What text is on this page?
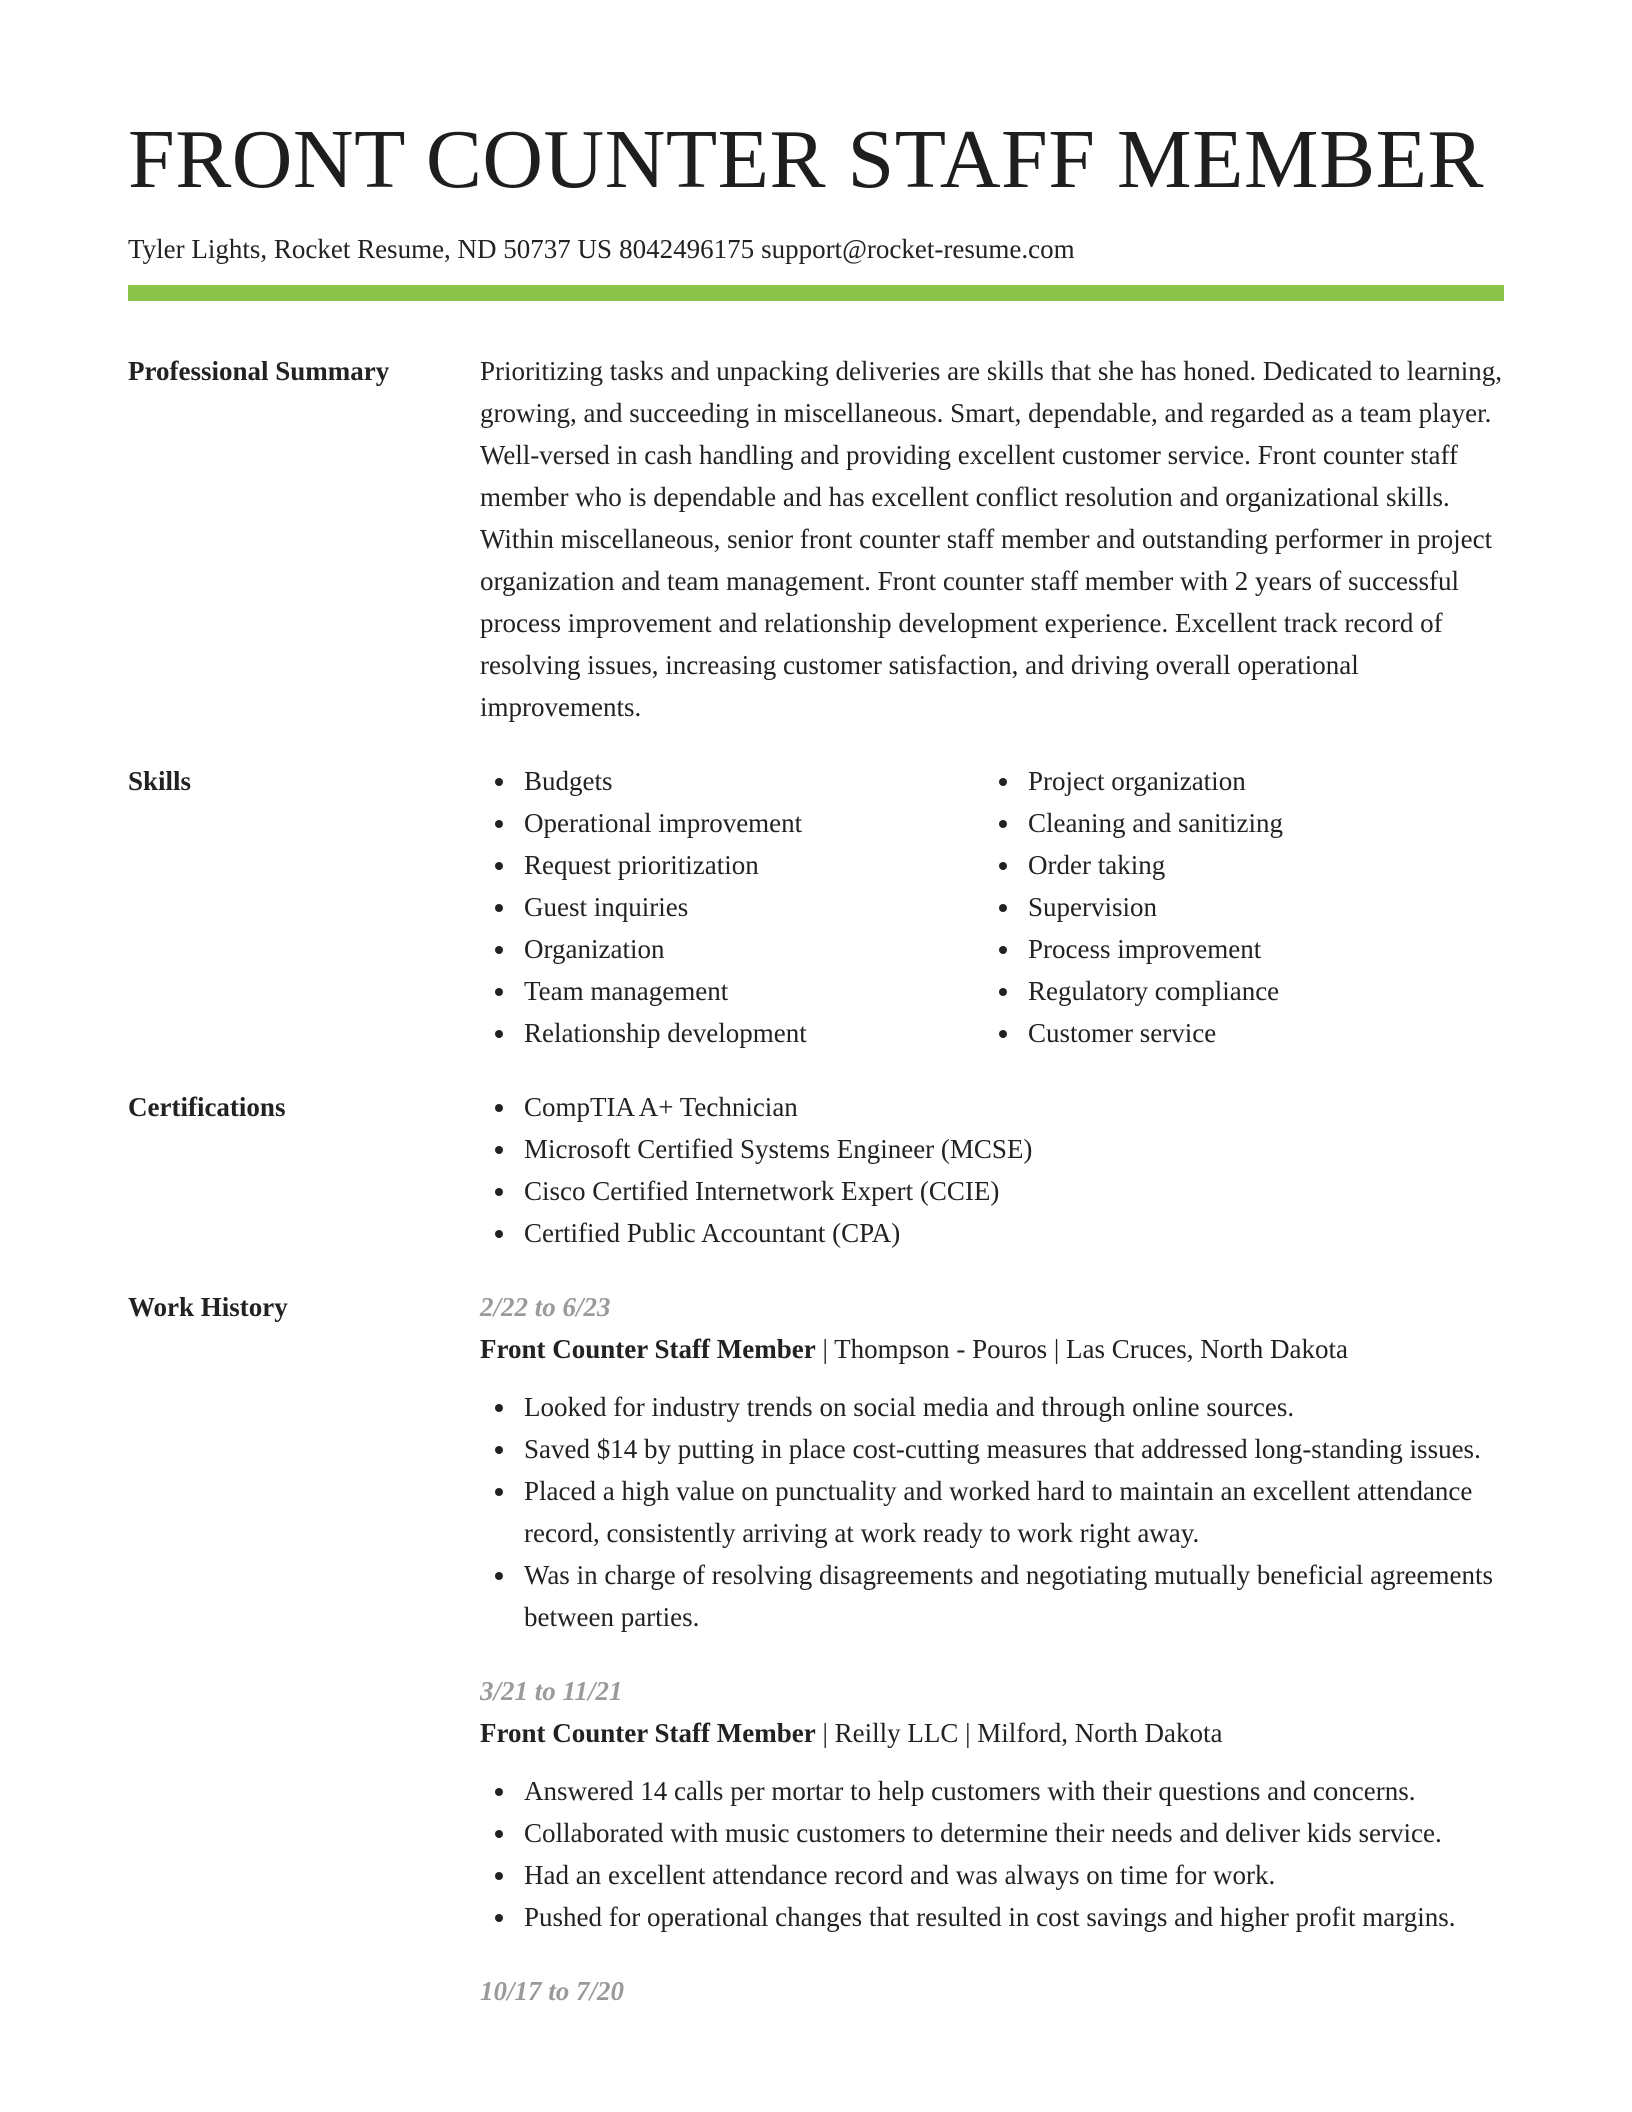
FRONT COUNTER STAFF MEMBER
Tyler Lights, Rocket Resume, ND 50737 US 8042496175 support@rocket-resume.com
Professional Summary	Prioritizing tasks and unpacking deliveries are skills that she has honed. Dedicated to learning, growing, and succeeding in miscellaneous. Smart, dependable, and regarded as a team player. Well-versed in cash handling and providing excellent customer service. Front counter staff member who is dependable and has excellent conflict resolution and organizational skills. Within miscellaneous, senior front counter staff member and outstanding performer in project organization and team management. Front counter staff member with 2 years of successful process improvement and relationship development experience. Excellent track record of resolving issues, increasing customer satisfaction, and driving overall operational improvements.

Skills	Budgets
Operational improvement
Request prioritization
Guest inquiries
Organization
Team management
Relationship development
Project organization
Cleaning and sanitizing
Order taking
Supervision
Process improvement
Regulatory compliance
Customer service
Certifications	CompTIA A+ Technician
Microsoft Certified Systems Engineer (MCSE)
Cisco Certified Internetwork Expert (CCIE)
Certified Public Accountant (CPA)
Work History	2/22 to 6/23
Front Counter Staff Member | Thompson - Pouros | Las Cruces, North Dakota
Looked for industry trends on social media and through online sources.
Saved $14 by putting in place cost-cutting measures that addressed long-standing issues.
Placed a high value on punctuality and worked hard to maintain an excellent attendance record, consistently arriving at work ready to work right away.
Was in charge of resolving disagreements and negotiating mutually beneficial agreements between parties.
3/21 to 11/21
Front Counter Staff Member | Reilly LLC | Milford, North Dakota
Answered 14 calls per mortar to help customers with their questions and concerns.
Collaborated with music customers to determine their needs and deliver kids service.
Had an excellent attendance record and was always on time for work.
Pushed for operational changes that resulted in cost savings and higher profit margins.
10/17 to 7/20
